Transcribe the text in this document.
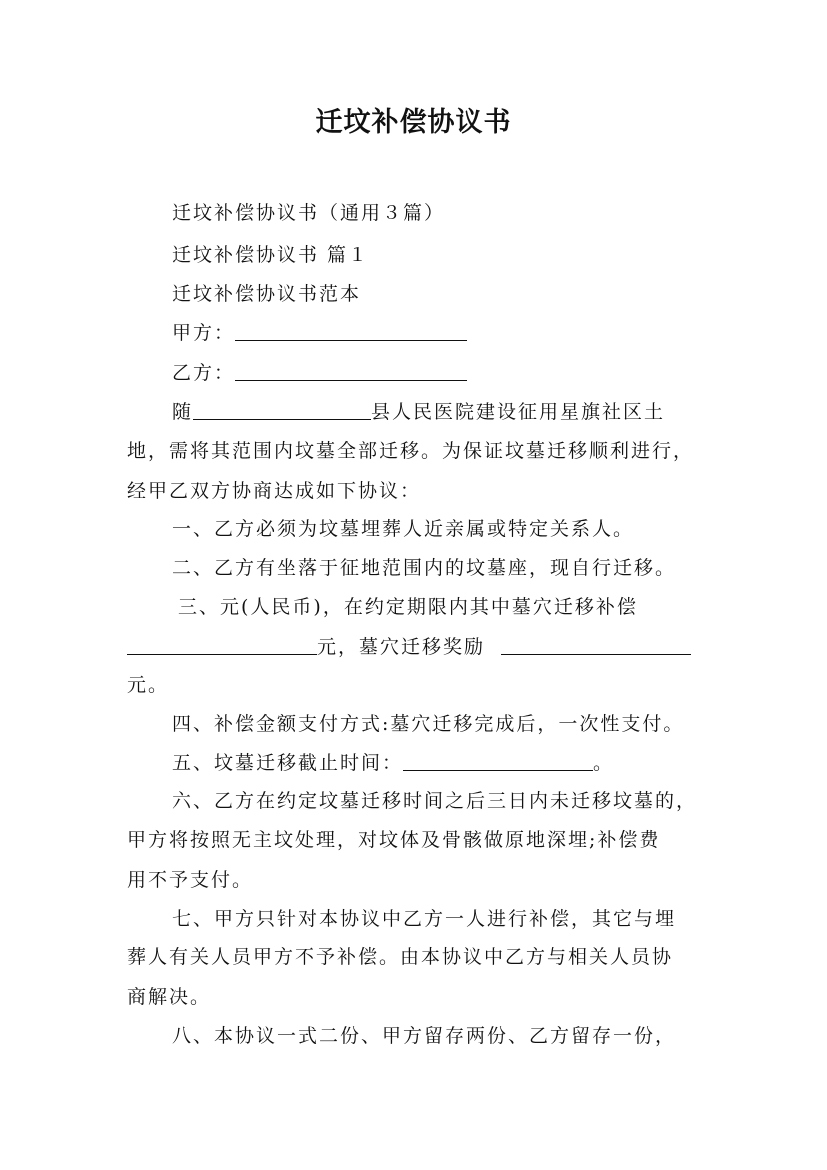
迁坟补偿协议书
迁坟补偿协议书（通用３篇）
迁坟补偿协议书 篇１
迁坟补偿协议书范本
甲方：
乙方：
随	县人民医院建设征用星旗社区土
地，需将其范围内坟墓全部迁移。为保证坟墓迁移顺利进行，
经甲乙双方协商达成如下协议：
一、乙方必须为坟墓埋葬人近亲属或特定关系人。
二、乙方有坐落于征地范围内的坟墓座，现自行迁移。
三、元(人民币)，在约定期限内其中墓穴迁移补偿
元，墓穴迁移奖励
元。
四、补偿金额支付方式:墓穴迁移完成后，一次性支付。
五、坟墓迁移截止时间：	。
六、乙方在约定坟墓迁移时间之后三日内未迁移坟墓的，
甲方将按照无主坟处理，对坟体及骨骸做原地深埋;补偿费
用不予支付。
七、甲方只针对本协议中乙方一人进行补偿，其它与埋
葬人有关人员甲方不予补偿。由本协议中乙方与相关人员协
商解决。
八、本协议一式二份、甲方留存两份、乙方留存一份，
